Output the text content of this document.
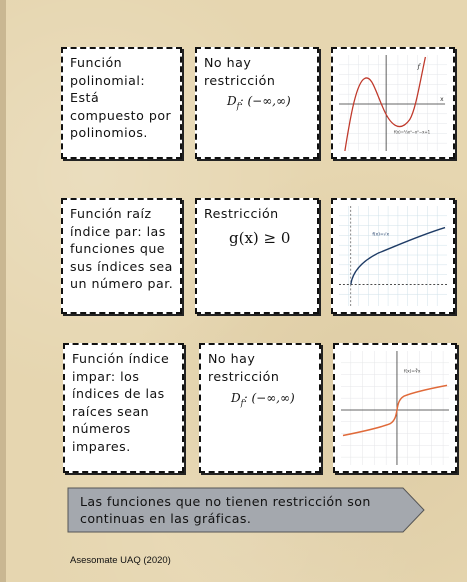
Función polinomial: Está compuesto por polinomios.
No hay restricción
$D_f$: (−∞,∞)
f
x
f(x)=⅓x³−x²−x+1
Función raíz índice par: las funciones que sus índices sea un número par.
Restricción
g(x) ≥ 0	f(x)=√x
Función índice impar: los índices de las raíces sean números impares.
No hay restricción
$D_f$: (−∞,∞)
f(x)=∛x
Las funciones que no tienen restricción son continuas en las gráficas.
Asesomate UAQ (2020)
